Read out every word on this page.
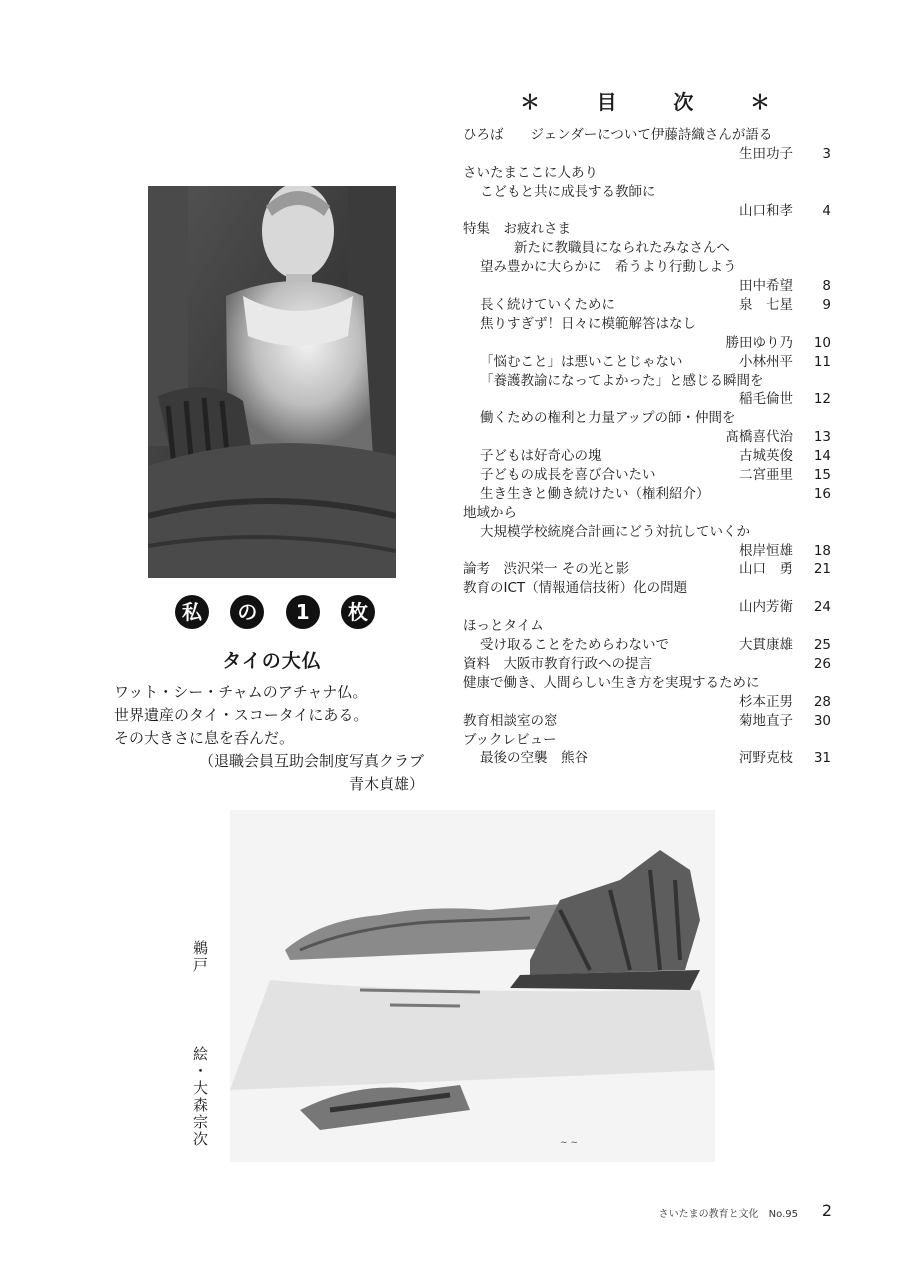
＊	目	次	＊
ひろば　　ジェンダーについて伊藤詩織さんが語る
生田功子	3
さいたまここに人あり
こどもと共に成長する教師に
山口和孝	4
特集　お疲れさま
新たに教職員になられたみなさんへ
望み豊かに大らかに　希うより行動しよう
田中希望	8
長く続けていくために	泉　七星	9
焦りすぎず！日々に模範解答はなし
勝田ゆり乃	10
「悩むこと」は悪いことじゃない	小林州平	11
「養護教諭になってよかった」と感じる瞬間を
稲毛倫世	12
働くための権利と力量アップの師・仲間を
髙橋喜代治	13
子どもは好奇心の塊	古城英俊	14
子どもの成長を喜び合いたい	二宮亜里	15
生き生きと働き続けたい（権利紹介）	16
地域から
大規模学校統廃合計画にどう対抗していくか
根岸恒雄	18
論考　渋沢栄一 その光と影	山口　勇	21
教育のICT（情報通信技術）化の問題
山内芳衛	24
ほっとタイム
受け取ることをためらわないで	大貫康雄	25
資料　大阪市教育行政への提言	26
健康で働き、人間らしい生き方を実現するために
杉本正男	28
教育相談室の窓	菊地直子	30
ブックレビュー
最後の空襲　熊谷	河野克枝	31
私	の	1	枚
タイの大仏
ワット・シー・チャムのアチャナ仏。
世界遺産のタイ・スコータイにある。
その大きさに息を呑んだ。
（退職会員互助会制度写真クラブ
青木貞雄）
~ ~
鵜戸
絵・大森宗次
さいたまの教育と文化　No.95	2
